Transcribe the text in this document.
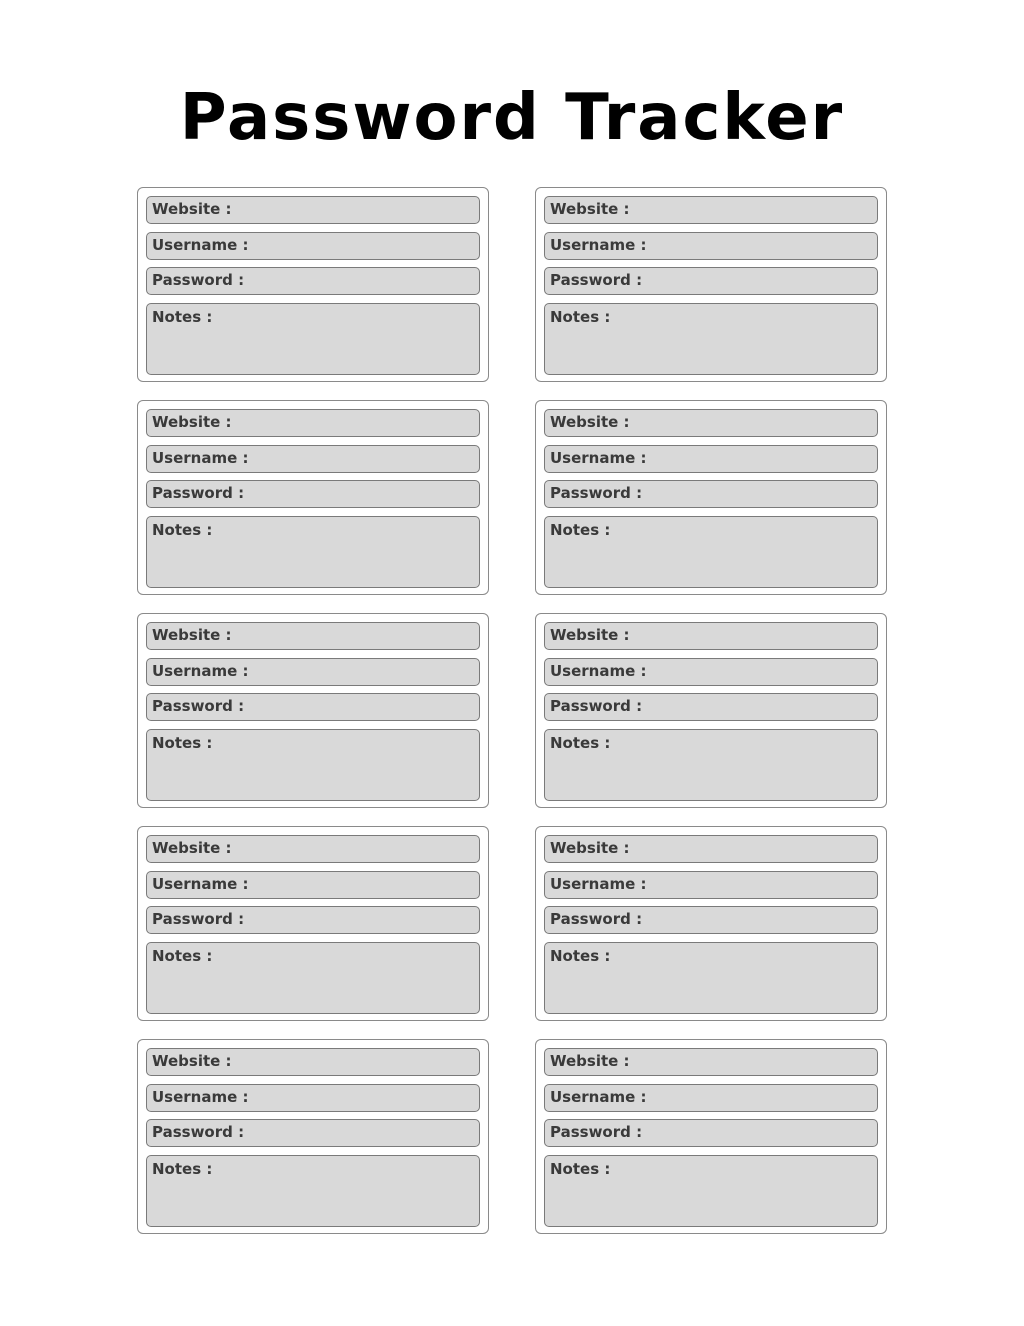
Password Tracker
Website :
Username :
Password :
Notes :
Website :
Username :
Password :
Notes :
Website :
Username :
Password :
Notes :
Website :
Username :
Password :
Notes :
Website :
Username :
Password :
Notes :
Website :
Username :
Password :
Notes :
Website :
Username :
Password :
Notes :
Website :
Username :
Password :
Notes :
Website :
Username :
Password :
Notes :
Website :
Username :
Password :
Notes :
